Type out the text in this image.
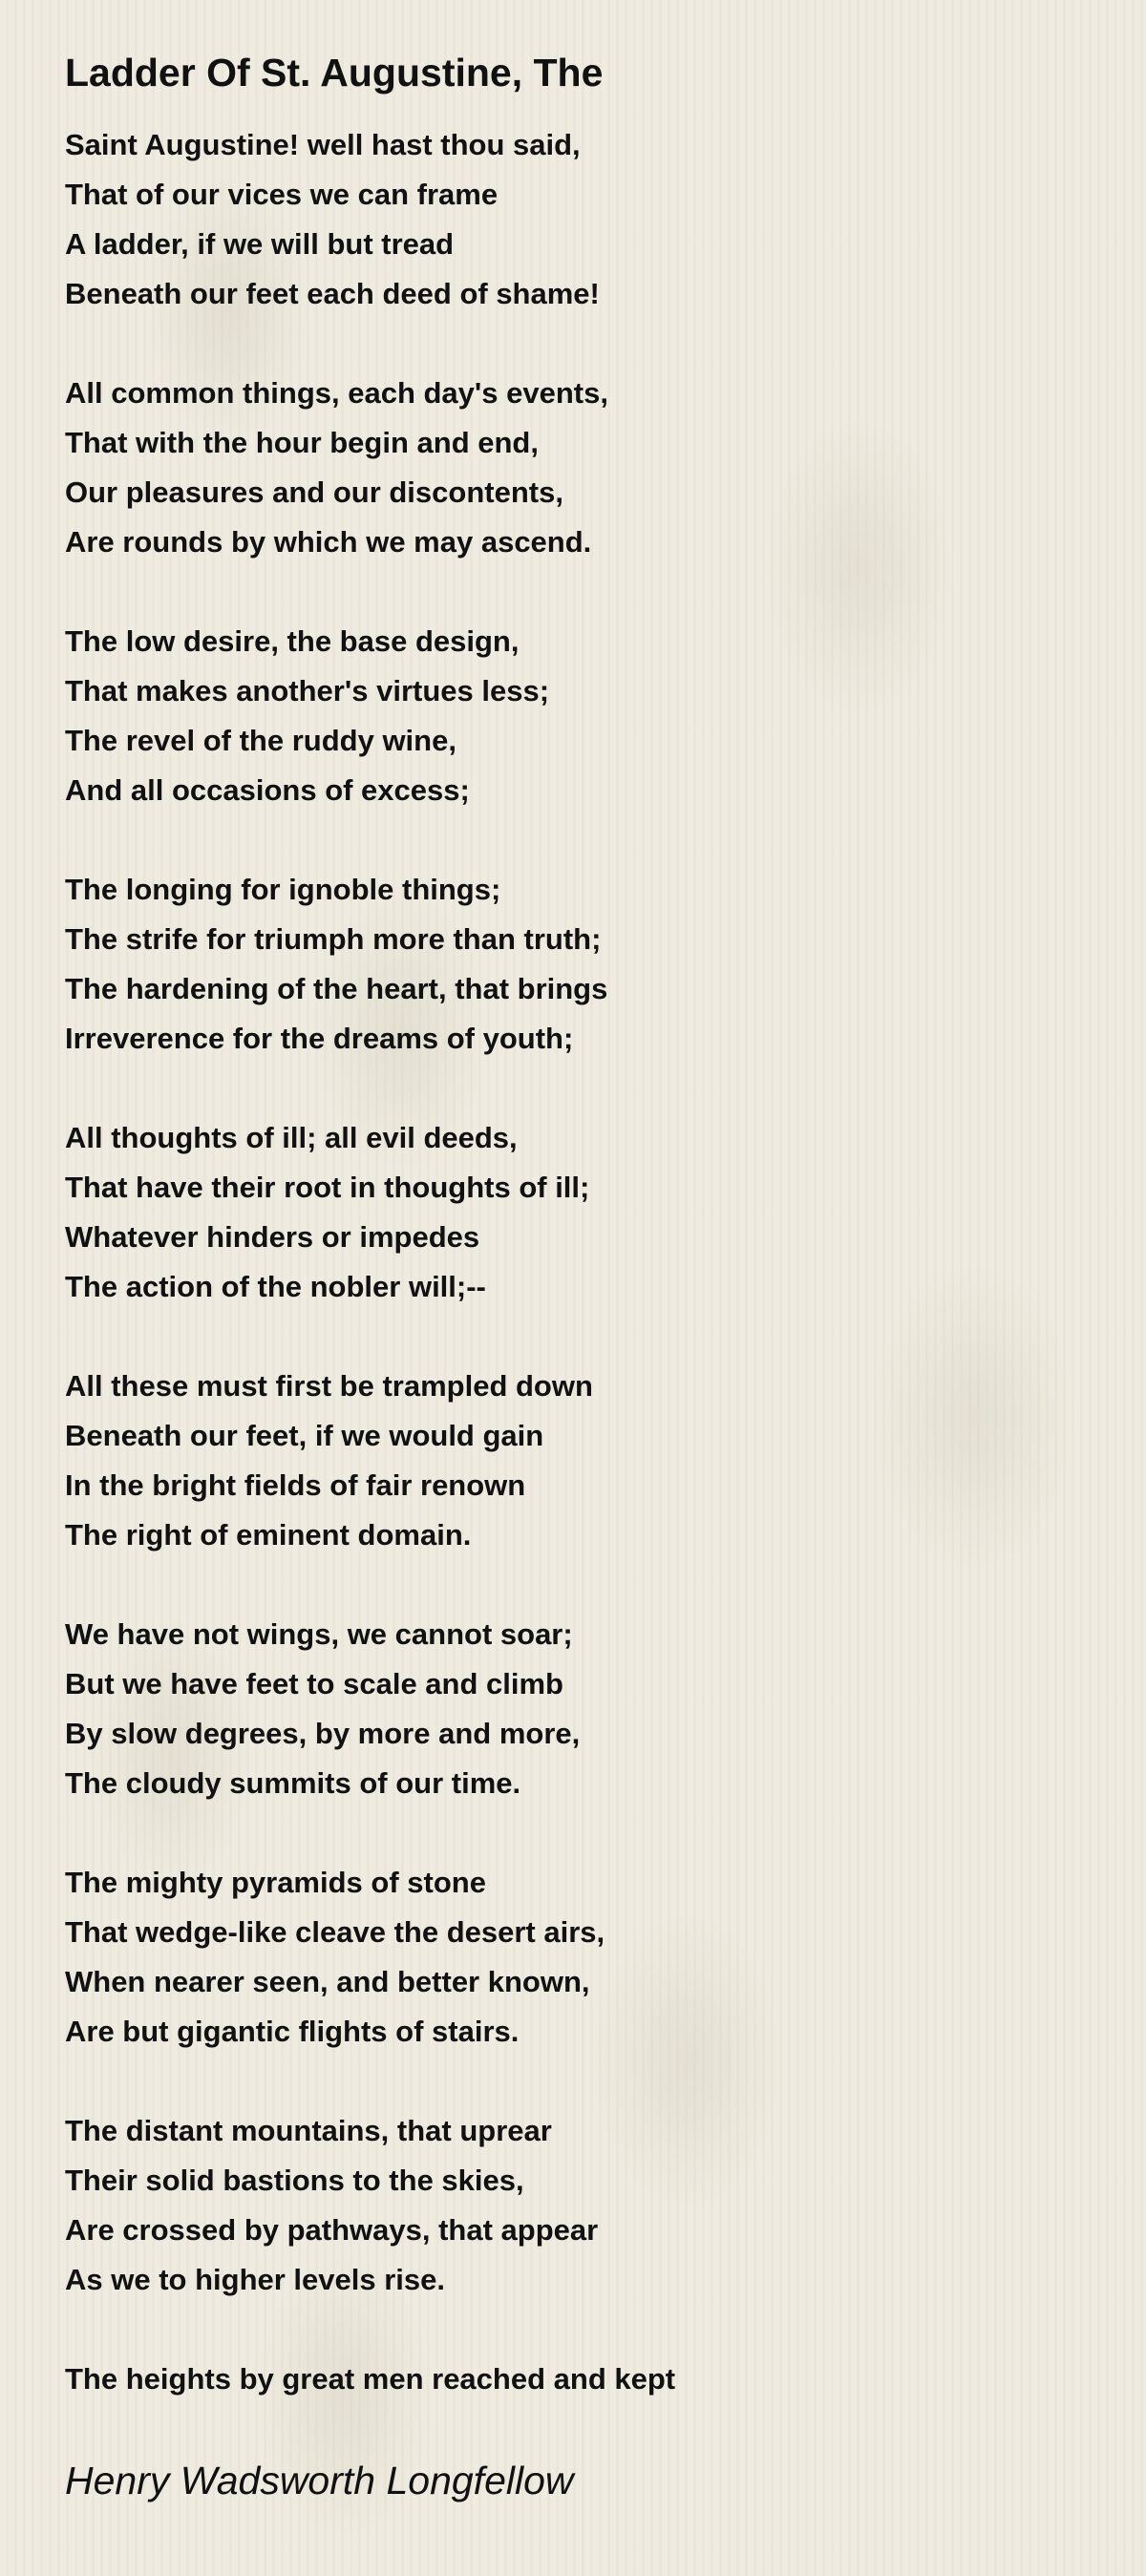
Ladder Of St. Augustine, The
Saint Augustine! well hast thou said,
That of our vices we can frame
A ladder, if we will but tread
Beneath our feet each deed of shame!
All common things, each day's events,
That with the hour begin and end,
Our pleasures and our discontents,
Are rounds by which we may ascend.
The low desire, the base design,
That makes another's virtues less;
The revel of the ruddy wine,
And all occasions of excess;
The longing for ignoble things;
The strife for triumph more than truth;
The hardening of the heart, that brings
Irreverence for the dreams of youth;
All thoughts of ill; all evil deeds,
That have their root in thoughts of ill;
Whatever hinders or impedes
The action of the nobler will;--
All these must first be trampled down
Beneath our feet, if we would gain
In the bright fields of fair renown
The right of eminent domain.
We have not wings, we cannot soar;
But we have feet to scale and climb
By slow degrees, by more and more,
The cloudy summits of our time.
The mighty pyramids of stone
That wedge-like cleave the desert airs,
When nearer seen, and better known,
Are but gigantic flights of stairs.
The distant mountains, that uprear
Their solid bastions to the skies,
Are crossed by pathways, that appear
As we to higher levels rise.
The heights by great men reached and kept
Henry Wadsworth Longfellow
